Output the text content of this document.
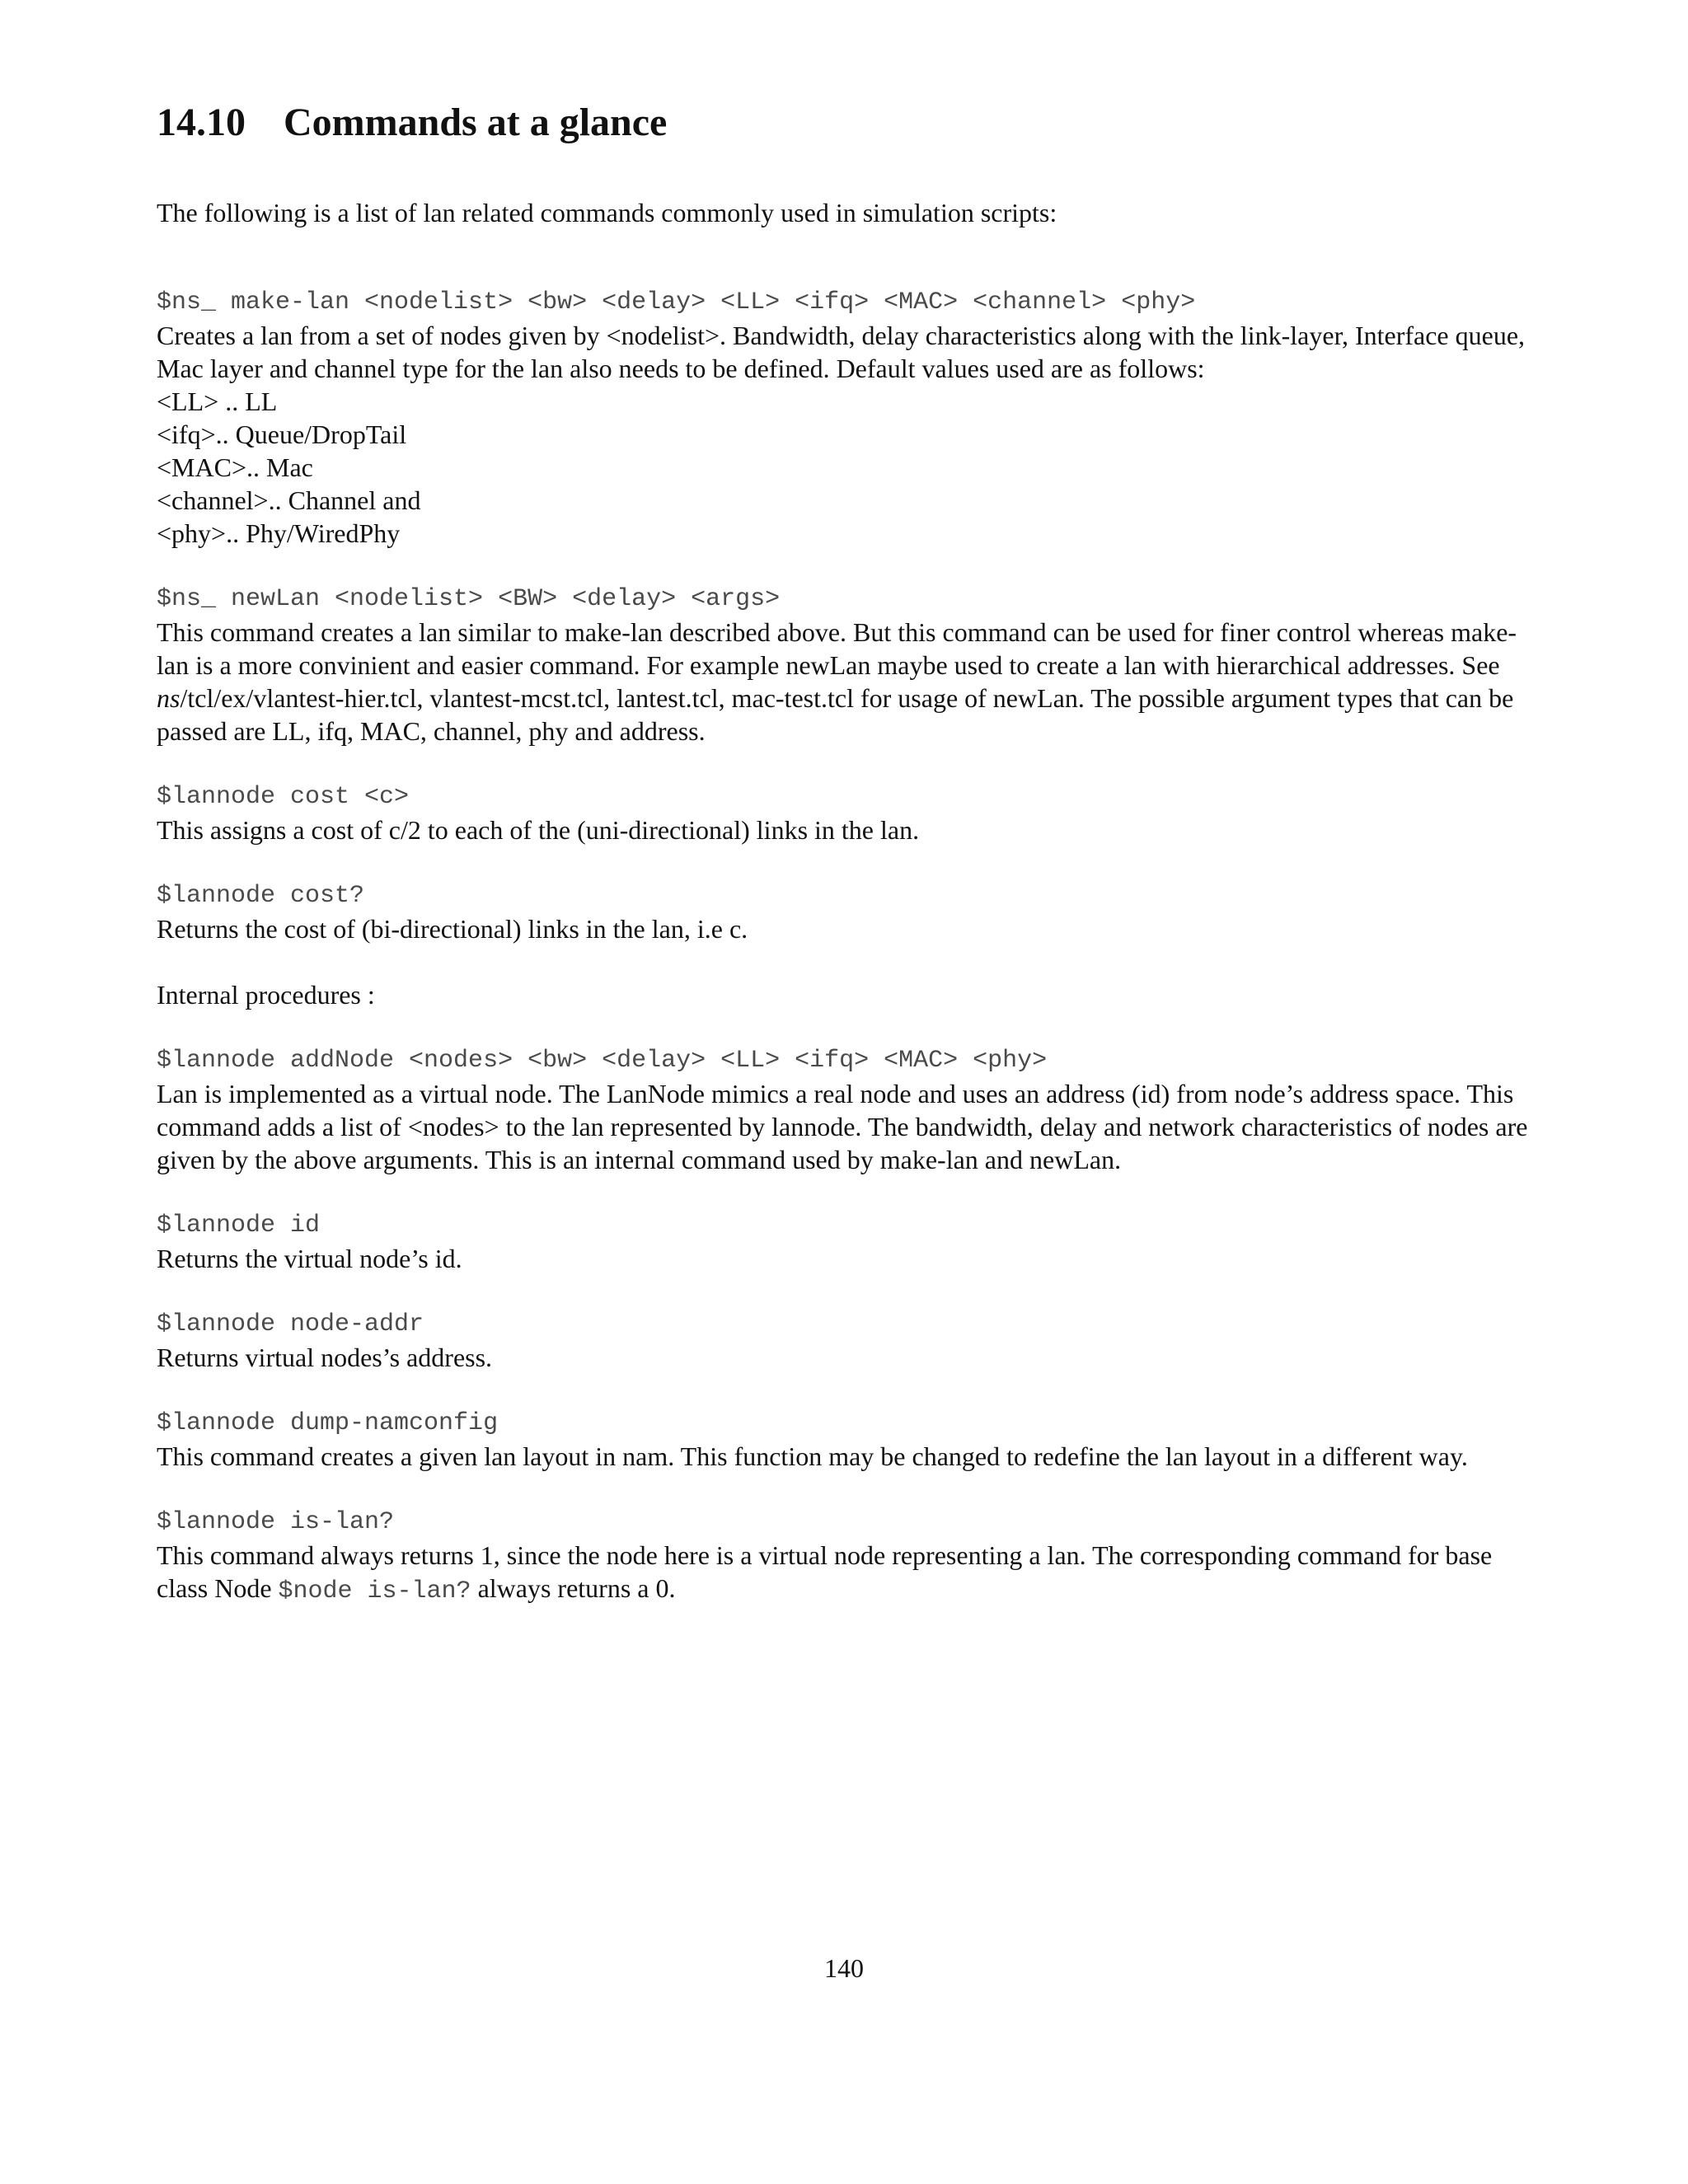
14.10 Commands at a glance

The following is a list of lan related commands commonly used in simulation scripts:

$ns_ make-lan <nodelist> <bw> <delay> <LL> <ifq> <MAC> <channel> <phy>
Creates a lan from a set of nodes given by <nodelist>. Bandwidth, delay characteristics along with the link-layer, Interface queue, Mac layer and channel type for the lan also needs to be defined. Default values used are as follows:
<LL> .. LL
<ifq>.. Queue/DropTail
<MAC>.. Mac
<channel>.. Channel and
<phy>.. Phy/WiredPhy
$ns_ newLan <nodelist> <BW> <delay> <args>
This command creates a lan similar to make-lan described above. But this command can be used for finer control whereas make-lan is a more convinient and easier command. For example newLan maybe used to create a lan with hierarchical addresses. See ns/tcl/ex/vlantest-hier.tcl, vlantest-mcst.tcl, lantest.tcl, mac-test.tcl for usage of newLan. The possible argument types that can be passed are LL, ifq, MAC, channel, phy and address.
$lannode cost <c>
This assigns a cost of c/2 to each of the (uni-directional) links in the lan.
$lannode cost?
Returns the cost of (bi-directional) links in the lan, i.e c.
Internal procedures :
$lannode addNode <nodes> <bw> <delay> <LL> <ifq> <MAC> <phy>
Lan is implemented as a virtual node. The LanNode mimics a real node and uses an address (id) from node’s address space. This command adds a list of <nodes> to the lan represented by lannode. The bandwidth, delay and network characteristics of nodes are given by the above arguments. This is an internal command used by make-lan and newLan.
$lannode id
Returns the virtual node’s id.
$lannode node-addr
Returns virtual nodes’s address.
$lannode dump-namconfig
This command creates a given lan layout in nam. This function may be changed to redefine the lan layout in a different way.
$lannode is-lan?
This command always returns 1, since the node here is a virtual node representing a lan. The corresponding command for base class Node $node is-lan? always returns a 0.
140
